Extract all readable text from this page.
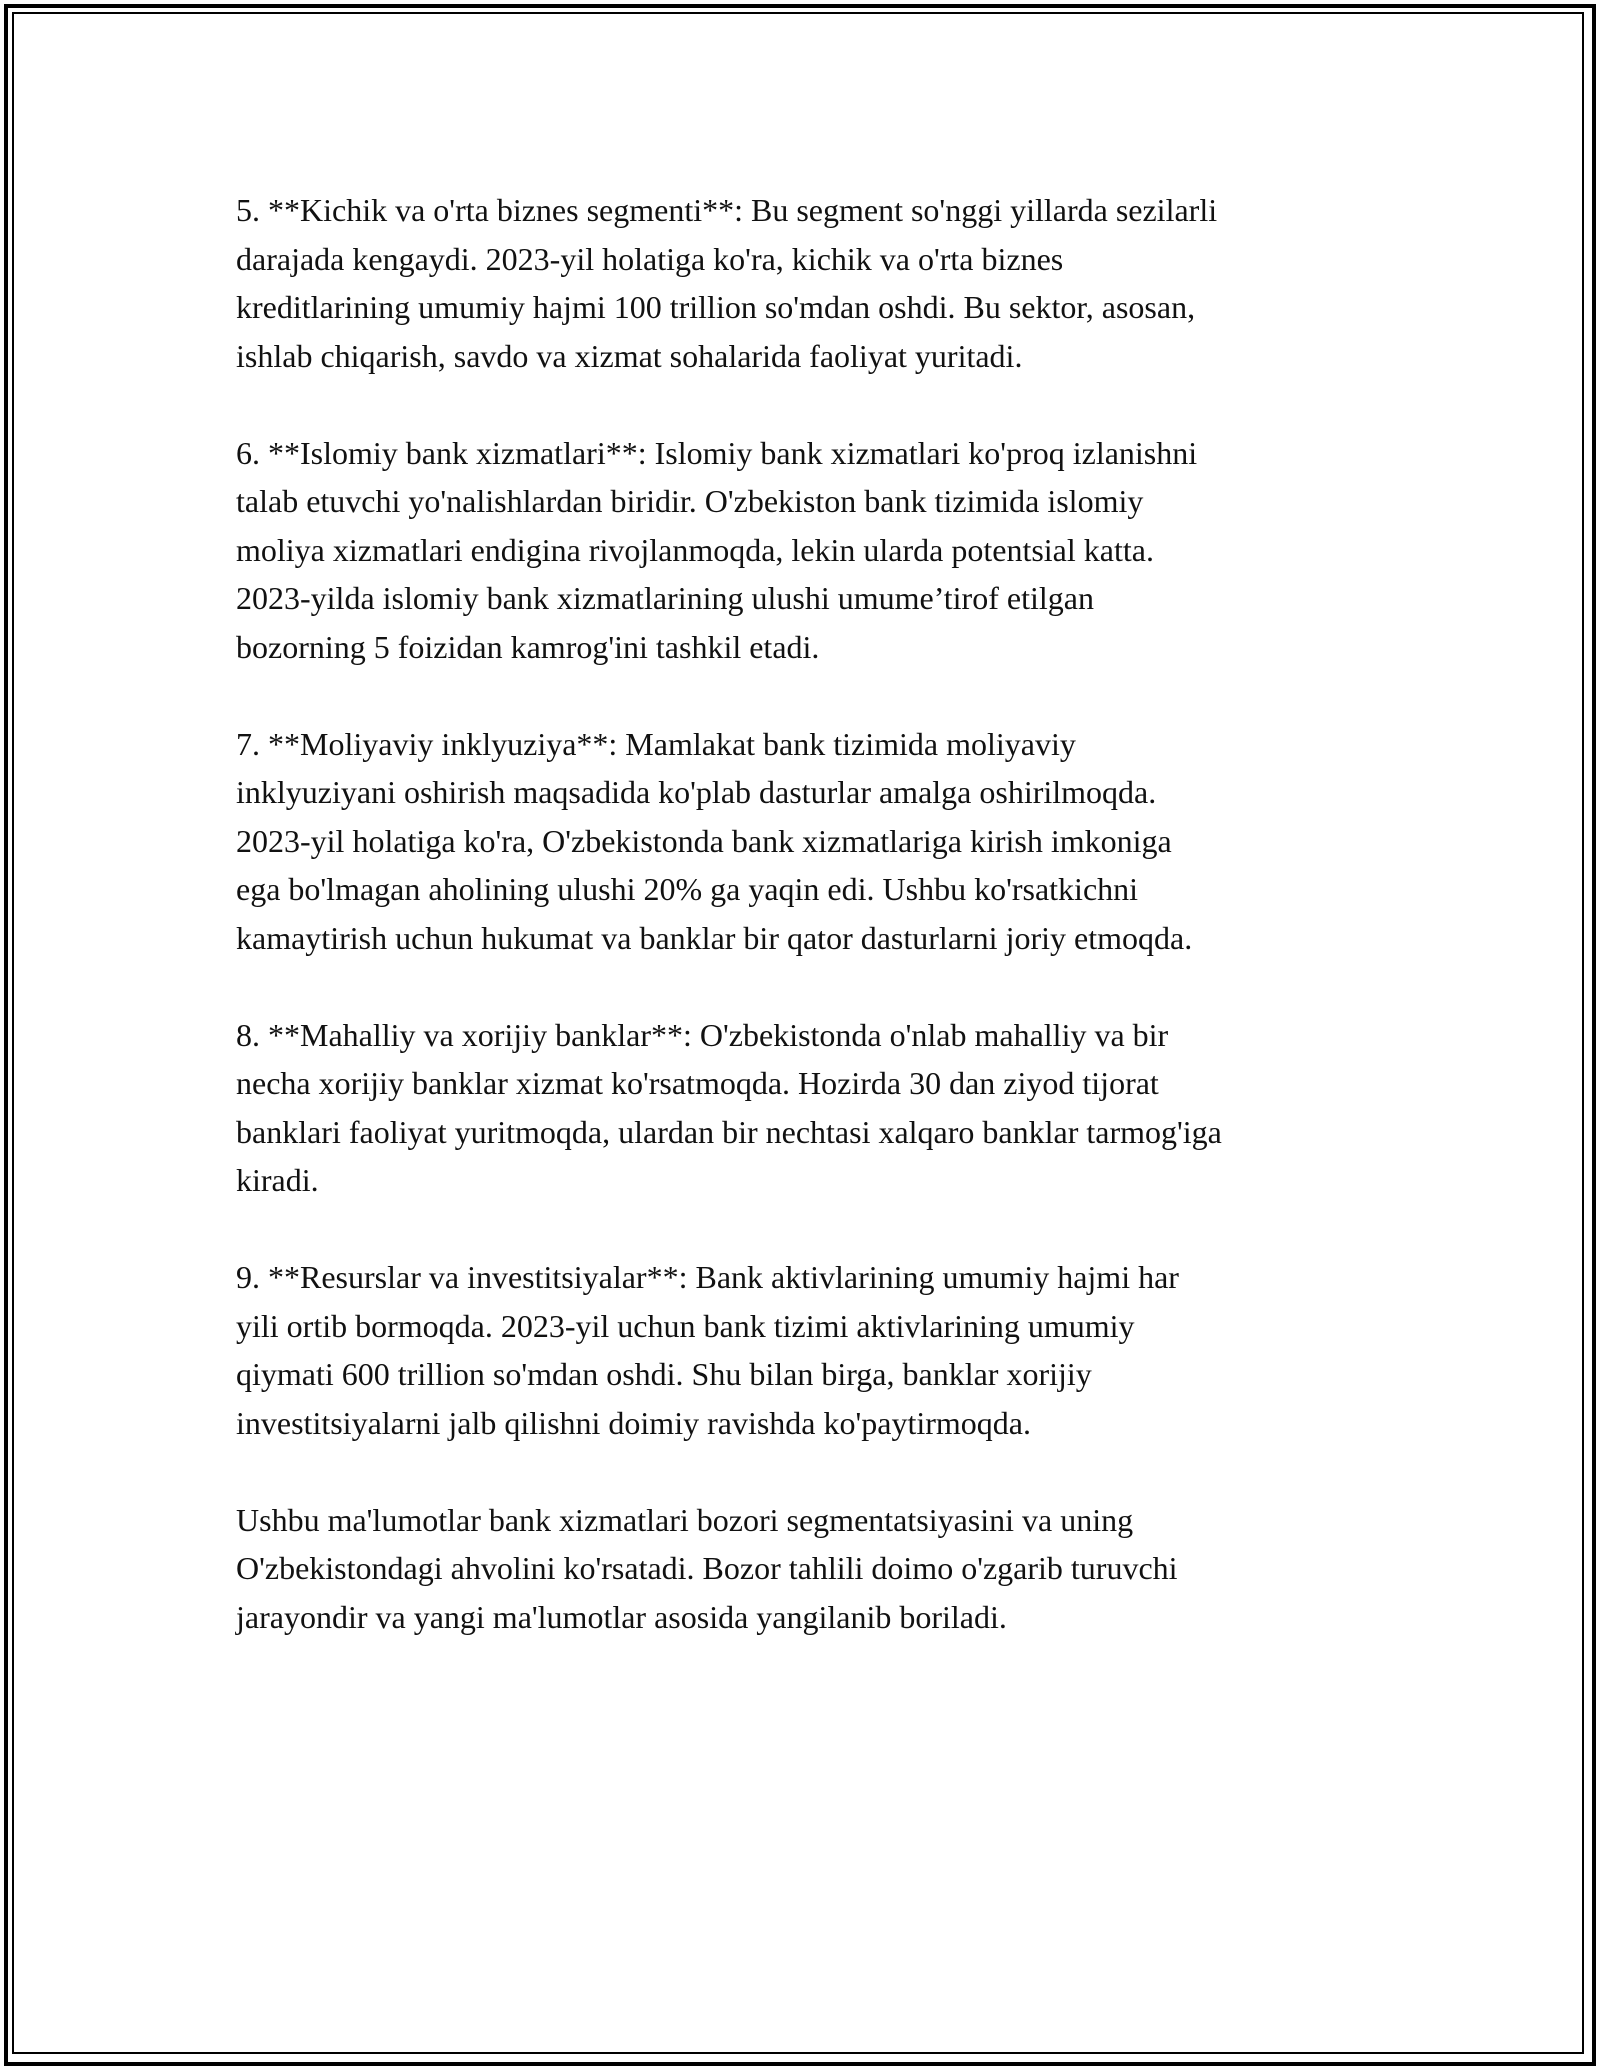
5. **Kichik va o'rta biznes segmenti**: Bu segment so'nggi yillarda sezilarli
darajada kengaydi. 2023-yil holatiga ko'ra, kichik va o'rta biznes
kreditlarining umumiy hajmi 100 trillion so'mdan oshdi. Bu sektor, asosan,
ishlab chiqarish, savdo va xizmat sohalarida faoliyat yuritadi.

6. **Islomiy bank xizmatlari**: Islomiy bank xizmatlari ko'proq izlanishni
talab etuvchi yo'nalishlardan biridir. O'zbekiston bank tizimida islomiy
moliya xizmatlari endigina rivojlanmoqda, lekin ularda potentsial katta.
2023-yilda islomiy bank xizmatlarining ulushi umume’tirof etilgan
bozorning 5 foizidan kamrog'ini tashkil etadi.

7. **Moliyaviy inklyuziya**: Mamlakat bank tizimida moliyaviy
inklyuziyani oshirish maqsadida ko'plab dasturlar amalga oshirilmoqda.
2023-yil holatiga ko'ra, O'zbekistonda bank xizmatlariga kirish imkoniga
ega bo'lmagan aholining ulushi 20% ga yaqin edi. Ushbu ko'rsatkichni
kamaytirish uchun hukumat va banklar bir qator dasturlarni joriy etmoqda.

8. **Mahalliy va xorijiy banklar**: O'zbekistonda o'nlab mahalliy va bir
necha xorijiy banklar xizmat ko'rsatmoqda. Hozirda 30 dan ziyod tijorat
banklari faoliyat yuritmoqda, ulardan bir nechtasi xalqaro banklar tarmog'iga
kiradi.

9. **Resurslar va investitsiyalar**: Bank aktivlarining umumiy hajmi har
yili ortib bormoqda. 2023-yil uchun bank tizimi aktivlarining umumiy
qiymati 600 trillion so'mdan oshdi. Shu bilan birga, banklar xorijiy
investitsiyalarni jalb qilishni doimiy ravishda ko'paytirmoqda.

Ushbu ma'lumotlar bank xizmatlari bozori segmentatsiyasini va uning
O'zbekistondagi ahvolini ko'rsatadi. Bozor tahlili doimo o'zgarib turuvchi
jarayondir va yangi ma'lumotlar asosida yangilanib boriladi.
